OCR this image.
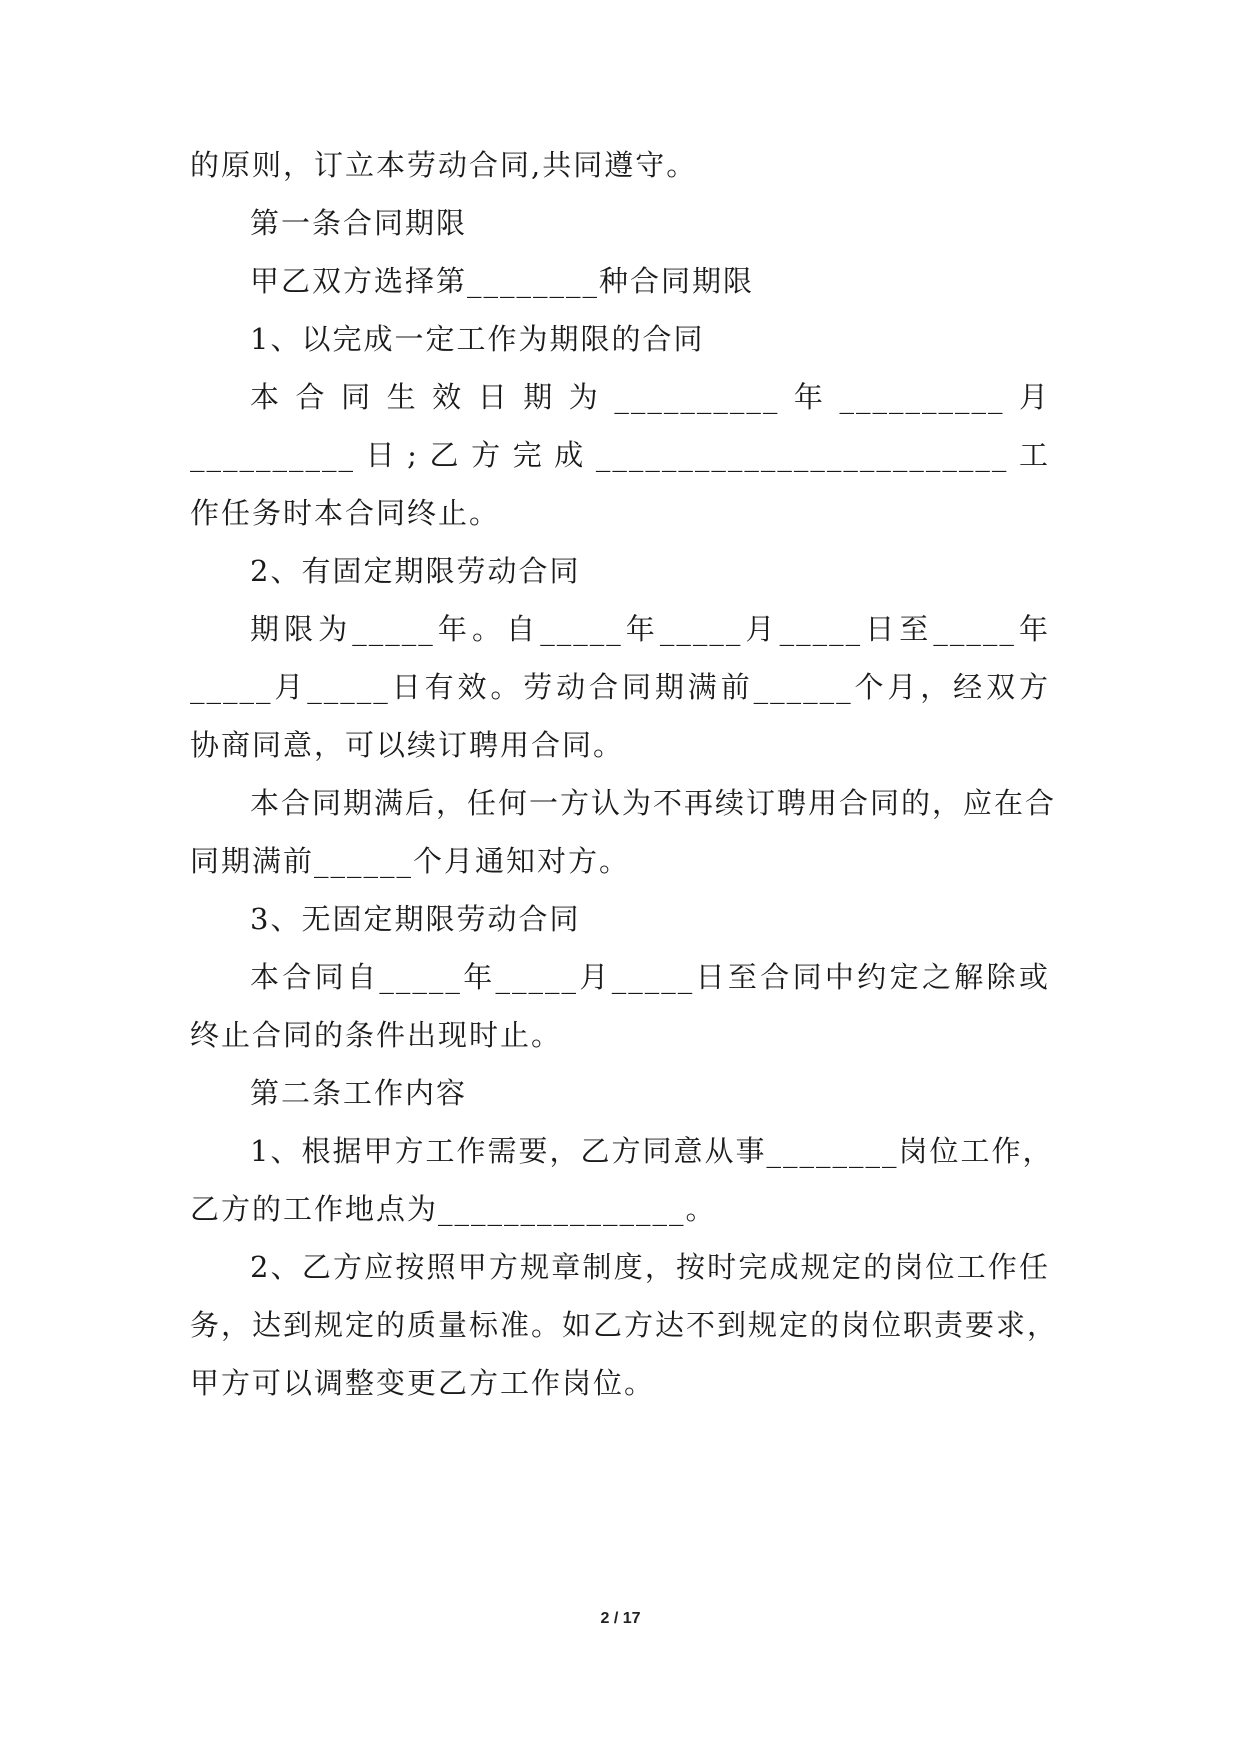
的原则，订立本劳动合同,共同遵守。
第一条合同期限
甲乙双方选择第________种合同期限
1、以完成一定工作为期限的合同
本合同生效日期为__________年__________月
__________日;乙方完成_________________________工
作任务时本合同终止。
2、有固定期限劳动合同
期限为_____年。自_____年_____月_____日至_____年
_____月_____日有效。劳动合同期满前______个月，经双方
协商同意，可以续订聘用合同。
本合同期满后，任何一方认为不再续订聘用合同的，应在合
同期满前______个月通知对方。
3、无固定期限劳动合同
本合同自_____年_____月_____日至合同中约定之解除或
终止合同的条件出现时止。
第二条工作内容
1、根据甲方工作需要，乙方同意从事________岗位工作，
乙方的工作地点为_______________。
2、乙方应按照甲方规章制度，按时完成规定的岗位工作任
务，达到规定的质量标准。如乙方达不到规定的岗位职责要求，
甲方可以调整变更乙方工作岗位。
2 / 17
